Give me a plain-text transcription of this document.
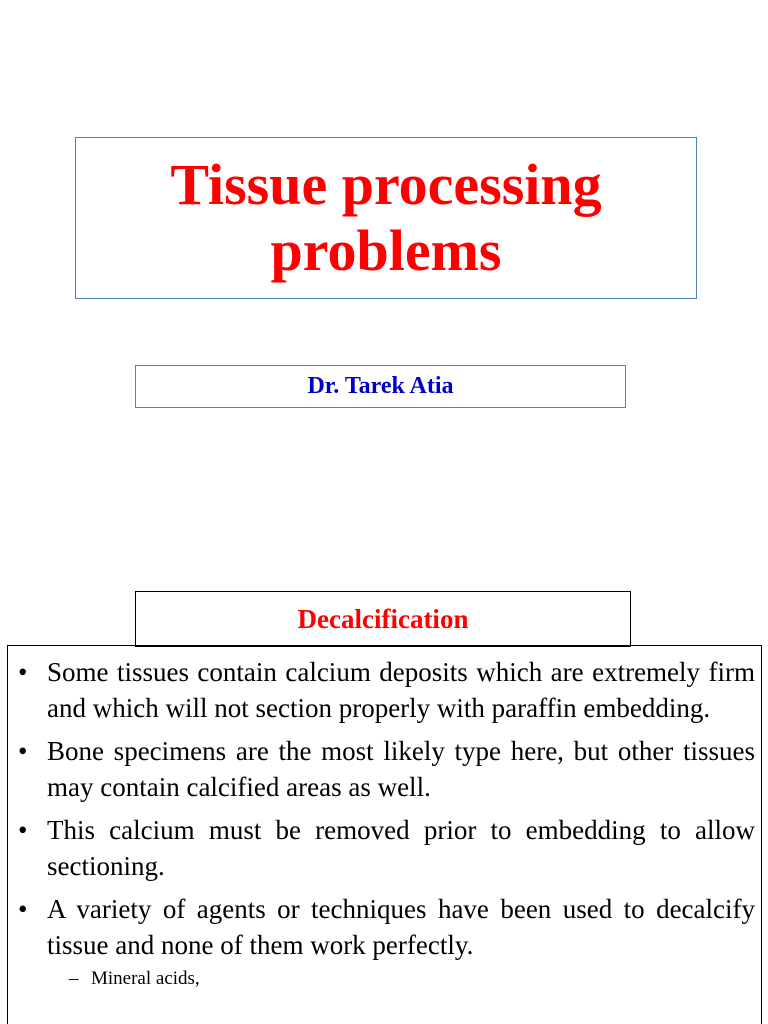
Tissue processing
problems
Dr. Tarek Atia
Decalcification
• Some tissues contain calcium deposits which are extremely firm and which will not section properly with paraffin embedding.
• Bone specimens are the most likely type here, but other tissues may contain calcified areas as well.
• This calcium must be removed prior to embedding to allow sectioning.
• A variety of agents or techniques have been used to decalcify tissue and none of them work perfectly.
– Mineral acids,
